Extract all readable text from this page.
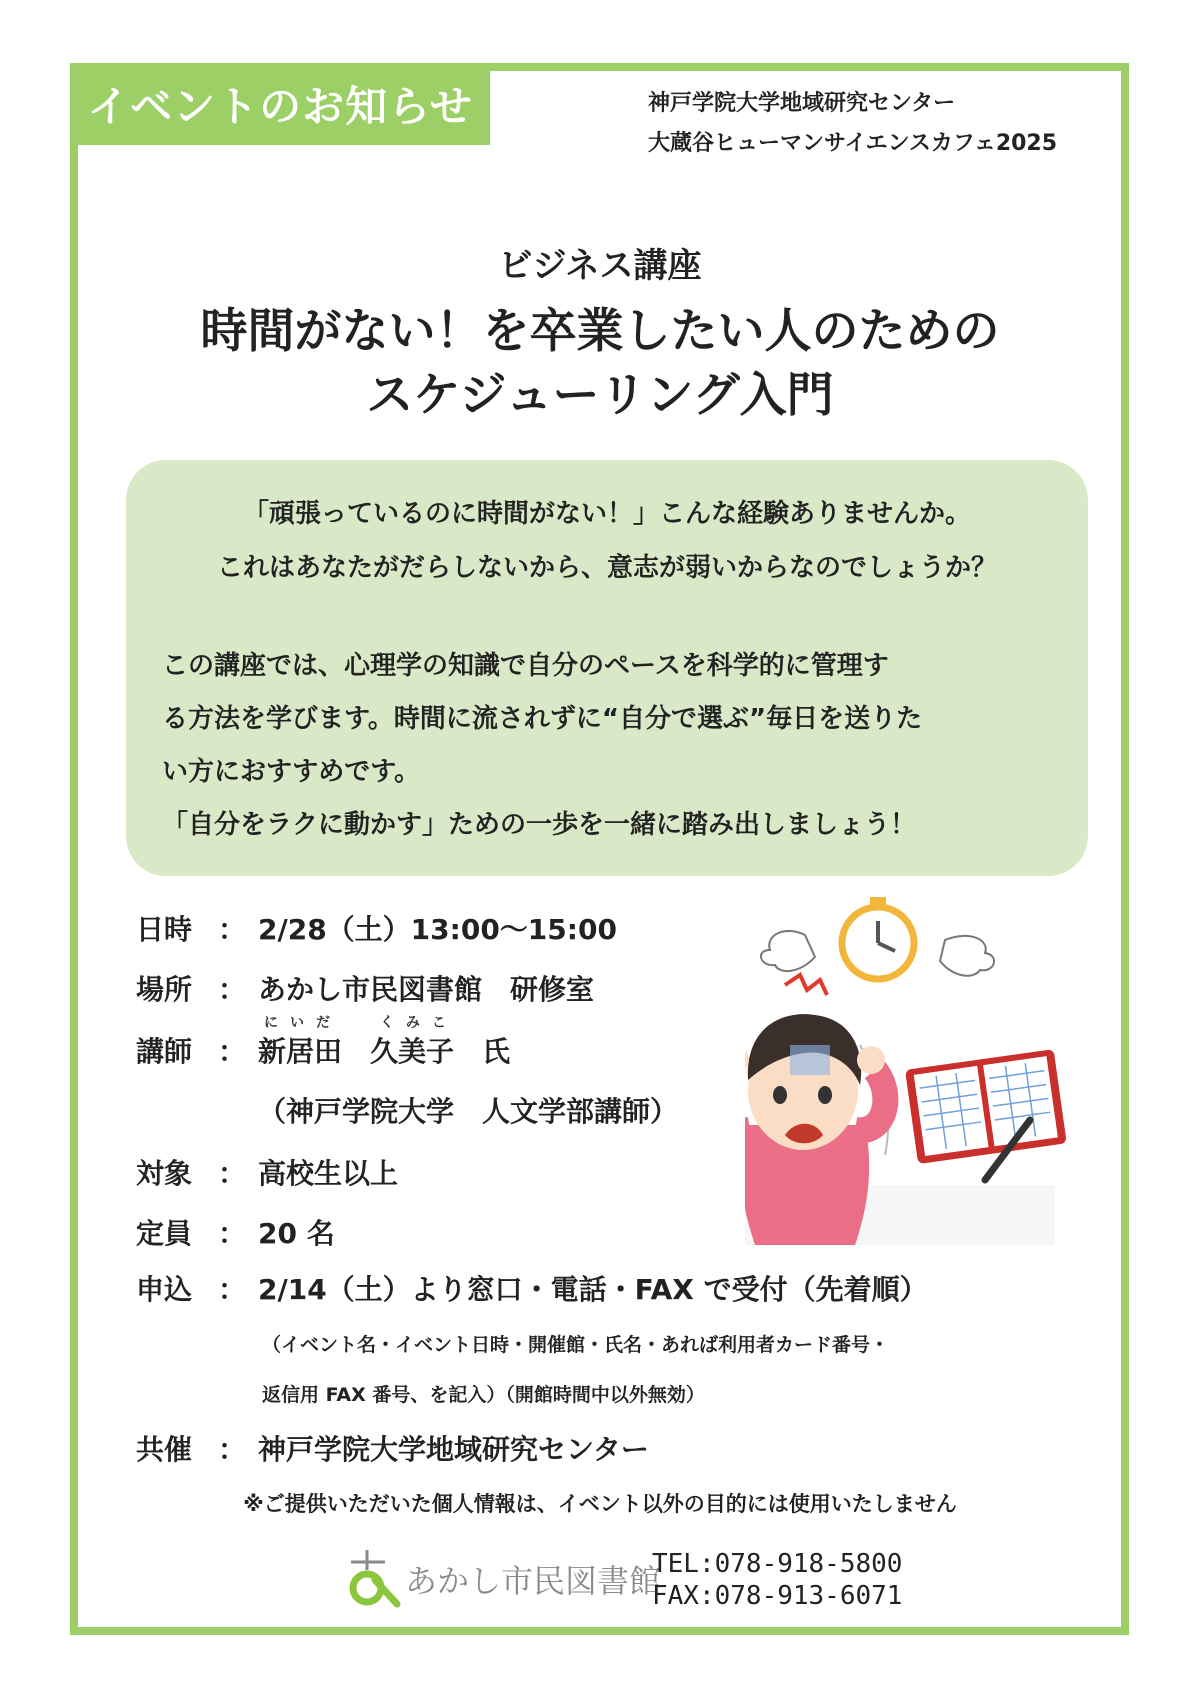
イベントのお知らせ	神戸学院大学地域研究センター
大蔵谷ヒューマンサイエンスカフェ2025
ビジネス講座
時間がない！を卒業したい人のための
スケジューリング入門
「頑張っているのに時間がない！」こんな経験ありませんか。
これはあなたがだらしないから、意志が弱いからなのでしょうか？
この講座では、心理学の知識で自分のペースを科学的に管理す
る方法を学びます。時間に流されずに“自分で選ぶ”毎日を送りた
い方におすすめです。
「自分をラクに動かす」ための一歩を一緒に踏み出しましょう！
日時 ： 2/28（土）13:00～15:00
場所 ： あかし市民図書館　研修室
にいだ	くみこ
講師 ： 新居田　久美子　氏
（神戸学院大学　人文学部講師）
対象 ： 高校生以上
定員 ： 20 名
申込 ： 2/14（土）より窓口・電話・FAX で受付（先着順）
（イベント名・イベント日時・開催館・氏名・あれば利用者カード番号・
返信用 FAX 番号、を記入）（開館時間中以外無効）
共催 ： 神戸学院大学地域研究センター
※ご提供いただいた個人情報は、イベント以外の目的には使用いたしません
あかし市民図書館
TEL:078-918-5800
FAX:078-913-6071
